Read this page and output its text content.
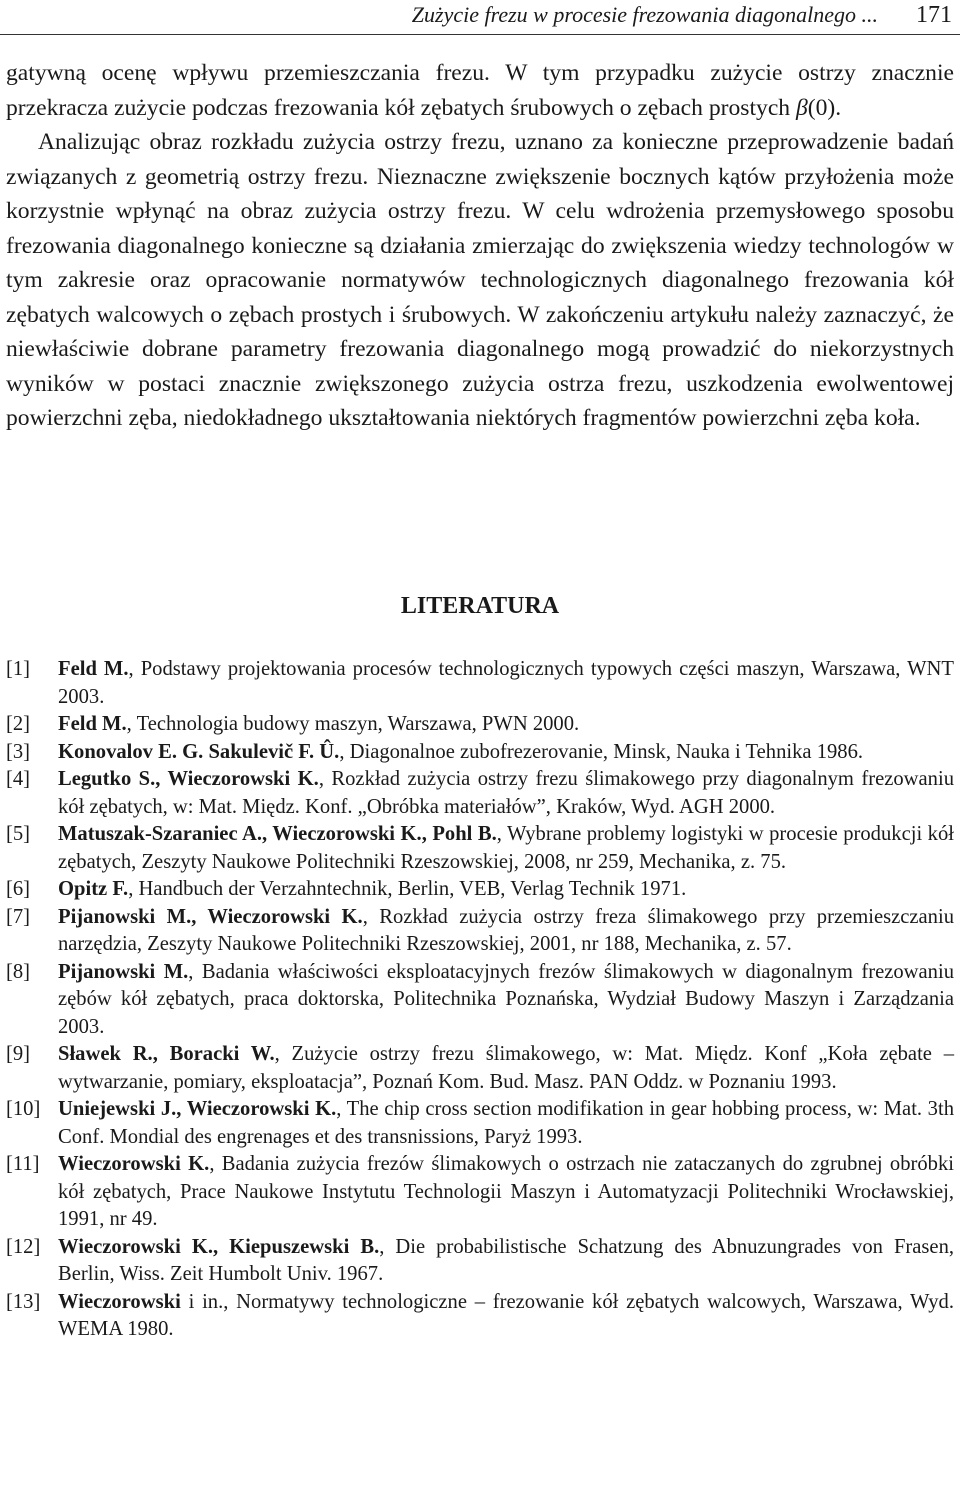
Zużycie frezu w procesie frezowania diagonalnego ... 171

gatywną ocenę wpływu przemieszczania frezu. W tym przypadku zużycie ostrzy znacznie przekracza zużycie podczas frezowania kół zębatych śrubowych o zębach prostych β(0).

Analizując obraz rozkładu zużycia ostrzy frezu, uznano za konieczne przeprowadzenie badań związanych z geometrią ostrzy frezu. Nieznaczne zwiększenie bocznych kątów przyłożenia może korzystnie wpłynąć na obraz zużycia ostrzy frezu. W celu wdrożenia przemysłowego sposobu frezowania diagonalnego konieczne są działania zmierzając do zwiększenia wiedzy technologów w tym zakresie oraz opracowanie normatywów technologicznych diagonalnego frezowania kół zębatych walcowych o zębach prostych i śrubowych. W zakończeniu artykułu należy zaznaczyć, że niewłaściwie dobrane parametry frezowania diagonalnego mogą prowadzić do niekorzystnych wyników w postaci znacznie zwiększonego zużycia ostrza frezu, uszkodzenia ewolwentowej powierzchni zęba, niedokładnego ukształtowania niektórych fragmentów powierzchni zęba koła.

LITERATURA
[1]	Feld M., Podstawy projektowania procesów technologicznych typowych części maszyn, Warszawa, WNT 2003.
[2]	Feld M., Technologia budowy maszyn, Warszawa, PWN 2000.
[3]	Konovalov E. G. Sakulevič F. Û., Diagonalnoe zubofrezerovanie, Minsk, Nauka i Tehnika 1986.
[4]	Legutko S., Wieczorowski K., Rozkład zużycia ostrzy frezu ślimakowego przy diagonalnym frezowaniu kół zębatych, w: Mat. Międz. Konf. „Obróbka materiałów”, Kraków, Wyd. AGH 2000.
[5]	Matuszak-Szaraniec A., Wieczorowski K., Pohl B., Wybrane problemy logistyki w procesie produkcji kół zębatych, Zeszyty Naukowe Politechniki Rzeszowskiej, 2008, nr 259, Mechanika, z. 75.
[6]	Opitz F., Handbuch der Verzahntechnik, Berlin, VEB, Verlag Technik 1971.
[7]	Pijanowski M., Wieczorowski K., Rozkład zużycia ostrzy freza ślimakowego przy przemieszczaniu narzędzia, Zeszyty Naukowe Politechniki Rzeszowskiej, 2001, nr 188, Mechanika, z. 57.
[8]	Pijanowski M., Badania właściwości eksploatacyjnych frezów ślimakowych w diagonalnym frezowaniu zębów kół zębatych, praca doktorska, Politechnika Poznańska, Wydział Budowy Maszyn i Zarządzania 2003.
[9]	Sławek R., Boracki W., Zużycie ostrzy frezu ślimakowego, w: Mat. Międz. Konf „Koła zębate – wytwarzanie, pomiary, eksploatacja”, Poznań Kom. Bud. Masz. PAN Oddz. w Poznaniu 1993.
[10] Uniejewski J., Wieczorowski K., The chip cross section modifikation in gear hobbing process, w: Mat. 3th Conf. Mondial des engrenages et des transnissions, Paryż 1993.
[11] Wieczorowski K., Badania zużycia frezów ślimakowych o ostrzach nie zataczanych do zgrubnej obróbki kół zębatych, Prace Naukowe Instytutu Technologii Maszyn i Automatyzacji Politechniki Wrocławskiej, 1991, nr 49.
[12] Wieczorowski K., Kiepuszewski B., Die probabilistische Schatzung des Abnuzungrades von Frasen, Berlin, Wiss. Zeit Humbolt Univ. 1967.
[13] Wieczorowski i in., Normatywy technologiczne – frezowanie kół zębatych walcowych, Warszawa, Wyd. WEMA 1980.
